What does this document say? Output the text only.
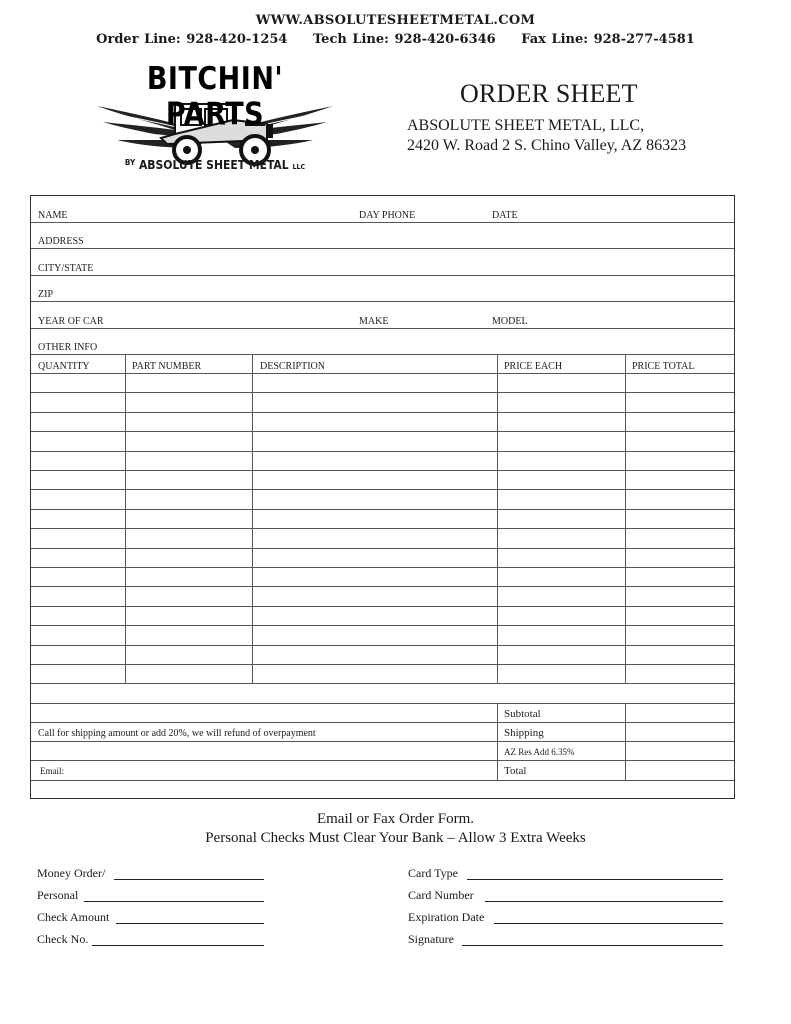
WWW.ABSOLUTESHEETMETAL.COM
Order Line: 928-420-1254 Tech Line: 928-420-6346 Fax Line: 928-277-4581
BITCHIN' PARTS
$^{BY}$ ABSOLUTE SHEET METAL LLC
ORDER SHEET
ABSOLUTE SHEET METAL, LLC,
2420 W. Road 2 S. Chino Valley, AZ 86323
NAME	DAY PHONE	DATE
ADDRESS
CITY/STATE
ZIP
YEAR OF CAR	MAKE	MODEL
OTHER INFO
QUANTITY	PART NUMBER	DESCRIPTION	PRICE EACH	PRICE TOTAL
Subtotal
Shipping
AZ Res Add 6.35%
Total
Call for shipping amount or add 20%, we will refund of overpayment
Email:
Email or Fax Order Form.
Personal Checks Must Clear Your Bank – Allow 3 Extra Weeks
Money Order/
Personal
Check Amount
Check No.
Card Type
Card Number
Expiration Date
Signature
